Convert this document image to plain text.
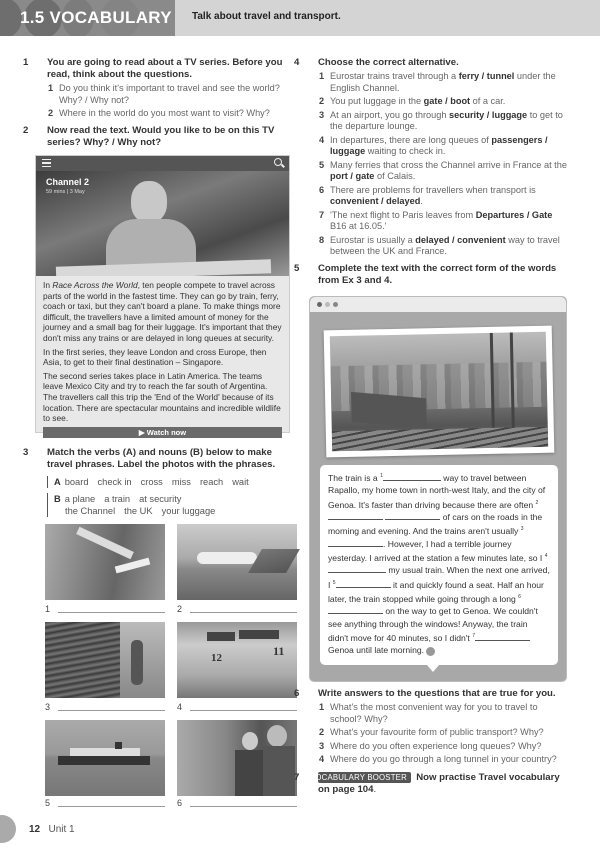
1.5 VOCABULARY Talk about travel and transport.
1 You are going to read about a TV series. Before you read, think about the questions.
1 Do you think it's important to travel and see the world? Why? / Why not?
2 Where in the world do you most want to visit? Why?
2 Now read the text. Would you like to be on this TV series? Why? / Why not?
Channel 2
59 mins | 3 May

In Race Across the World, ten people compete to travel across parts of the world in the fastest time. They can go by train, ferry, coach or taxi, but they can't board a plane. To make things more difficult, the travellers have a limited amount of money for the journey and a small bag for their luggage. It's important that they don't miss any trains or are delayed in long queues at security.

In the first series, they leave London and cross Europe, then Asia, to get to their final destination – Singapore.

The second series takes place in Latin America. The teams leave Mexico City and try to reach the far south of Argentina. The travellers call this trip the 'End of the World' because of its location. There are spectacular mountains and incredible wildlife to see.

▶ Watch now
3 Match the verbs (A) and nouns (B) below to make travel phrases. Label the photos with the phrases.
A board check in cross miss reach wait
B a plane a train at security
the Channel the UK your luggage
1	2
3
12	11
4
5	6
4 Choose the correct alternative.
1 Eurostar trains travel through a ferry / tunnel under the English Channel.
2 You put luggage in the gate / boot of a car.
3 At an airport, you go through security / luggage to get to the departure lounge.
4 In departures, there are long queues of passengers / luggage waiting to check in.
5 Many ferries that cross the Channel arrive in France at the port / gate of Calais.
6 There are problems for travellers when transport is convenient / delayed.
7 'The next flight to Paris leaves from Departures / Gate B16 at 16.05.'
8 Eurostar is usually a delayed / convenient way to travel between the UK and France.
5 Complete the text with the correct form of the words from Ex 3 and 4.
The train is a $^1$	way to travel between Rapallo, my home town in north-west Italy, and the city of Genoa. It's faster than driving because there are often $^2$  of cars on the roads in the morning and evening. And the trains aren't usually $^3$. However, I had a terrible journey yesterday. I arrived at the station a few minutes late, so I $^4$ my usual train. When the next one arrived, I $^5$	it and quickly found a seat. Half an hour later, the train stopped while going through a long $^6$ on the way to get to Genoa. We couldn't see anything through the windows! Anyway, the train didn't move for 40 minutes, so I didn't $^7$ Genoa until late morning.
6 Write answers to the questions that are true for you.
1 What's the most convenient way for you to travel to school? Why?
2 What's your favourite form of public transport? Why?
3 Where do you often experience long queues? Why?
4 Where do you go through a long tunnel in your country?
7 VOCABULARY BOOSTER Now practise Travel vocabulary on page 104.
12 Unit 1
